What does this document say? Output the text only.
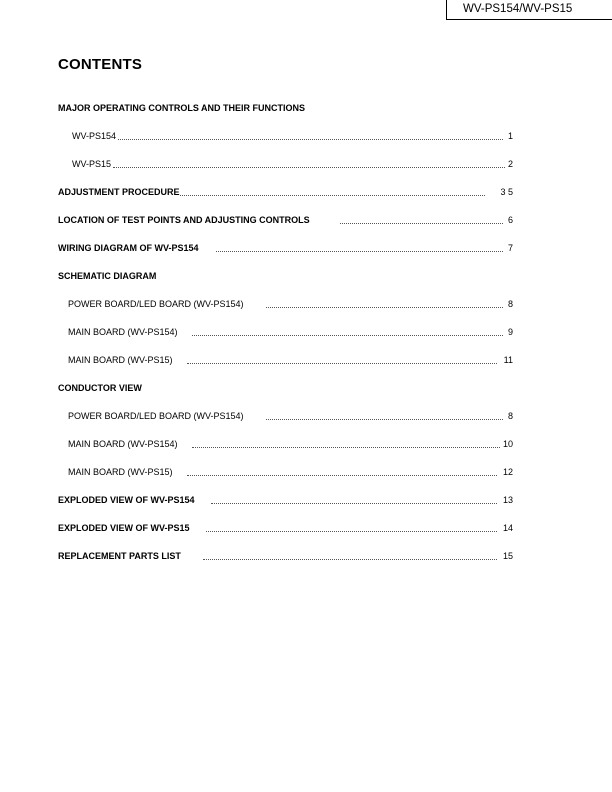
WV-PS154/WV-PS15
CONTENTS
MAJOR OPERATING CONTROLS AND THEIR FUNCTIONS
WV-PS154	1
WV-PS15	2
ADJUSTMENT PROCEDURE	3 5
LOCATION OF TEST POINTS AND ADJUSTING CONTROLS	6
WIRING DIAGRAM OF WV-PS154	7
SCHEMATIC DIAGRAM
POWER BOARD/LED BOARD (WV-PS154)	8
MAIN BOARD (WV-PS154)	9
MAIN BOARD (WV-PS15)	11
CONDUCTOR VIEW
POWER BOARD/LED BOARD (WV-PS154)	8
MAIN BOARD (WV-PS154)	10
MAIN BOARD (WV-PS15)	12
EXPLODED VIEW OF WV-PS154	13
EXPLODED VIEW OF WV-PS15	14
REPLACEMENT PARTS LIST	15
